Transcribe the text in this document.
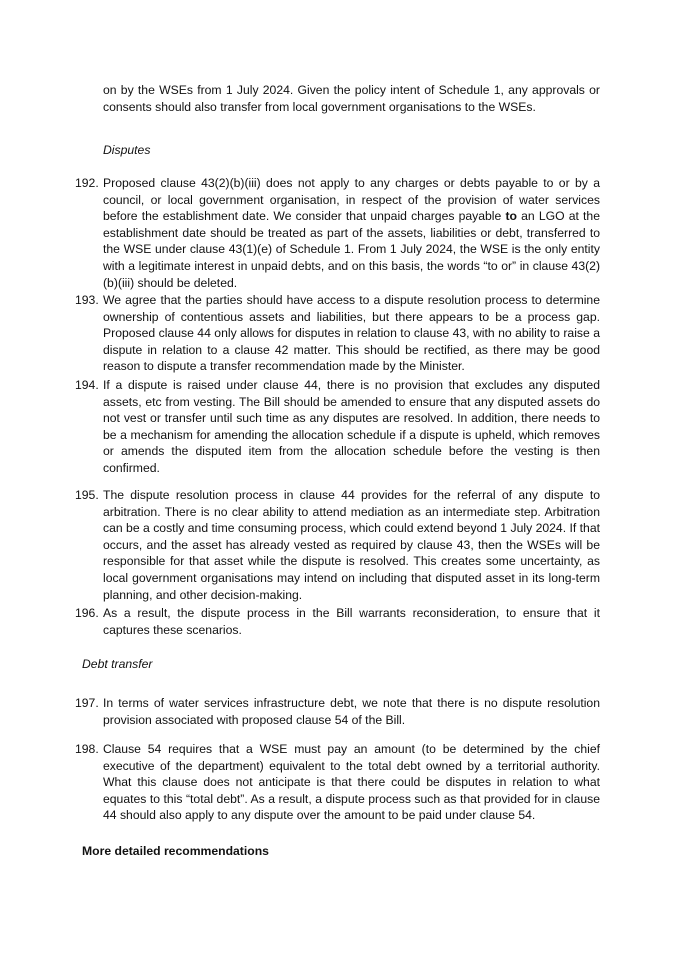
on by the WSEs from 1 July 2024. Given the policy intent of Schedule 1, any approvals or consents should also transfer from local government organisations to the WSEs.

Disputes

192. Proposed clause 43(2)(b)(iii) does not apply to any charges or debts payable to or by a council, or local government organisation, in respect of the provision of water services before the establishment date. We consider that unpaid charges payable to an LGO at the establishment date should be treated as part of the assets, liabilities or debt, transferred to the WSE under clause 43(1)(e) of Schedule 1. From 1 July 2024, the WSE is the only entity with a legitimate interest in unpaid debts, and on this basis, the words “to or” in clause 43(2)(b)(iii) should be deleted.

193. We agree that the parties should have access to a dispute resolution process to determine ownership of contentious assets and liabilities, but there appears to be a process gap. Proposed clause 44 only allows for disputes in relation to clause 43, with no ability to raise a dispute in relation to a clause 42 matter. This should be rectified, as there may be good reason to dispute a transfer recommendation made by the Minister.

194. If a dispute is raised under clause 44, there is no provision that excludes any disputed assets, etc from vesting. The Bill should be amended to ensure that any disputed assets do not vest or transfer until such time as any disputes are resolved. In addition, there needs to be a mechanism for amending the allocation schedule if a dispute is upheld, which removes or amends the disputed item from the allocation schedule before the vesting is then confirmed.

195. The dispute resolution process in clause 44 provides for the referral of any dispute to arbitration. There is no clear ability to attend mediation as an intermediate step. Arbitration can be a costly and time consuming process, which could extend beyond 1 July 2024. If that occurs, and the asset has already vested as required by clause 43, then the WSEs will be responsible for that asset while the dispute is resolved. This creates some uncertainty, as local government organisations may intend on including that disputed asset in its long-term planning, and other decision-making.

196. As a result, the dispute process in the Bill warrants reconsideration, to ensure that it captures these scenarios.

Debt transfer

197. In terms of water services infrastructure debt, we note that there is no dispute resolution provision associated with proposed clause 54 of the Bill.

198. Clause 54 requires that a WSE must pay an amount (to be determined by the chief executive of the department) equivalent to the total debt owned by a territorial authority. What this clause does not anticipate is that there could be disputes in relation to what equates to this “total debt”. As a result, a dispute process such as that provided for in clause 44 should also apply to any dispute over the amount to be paid under clause 54.

More detailed recommendations
